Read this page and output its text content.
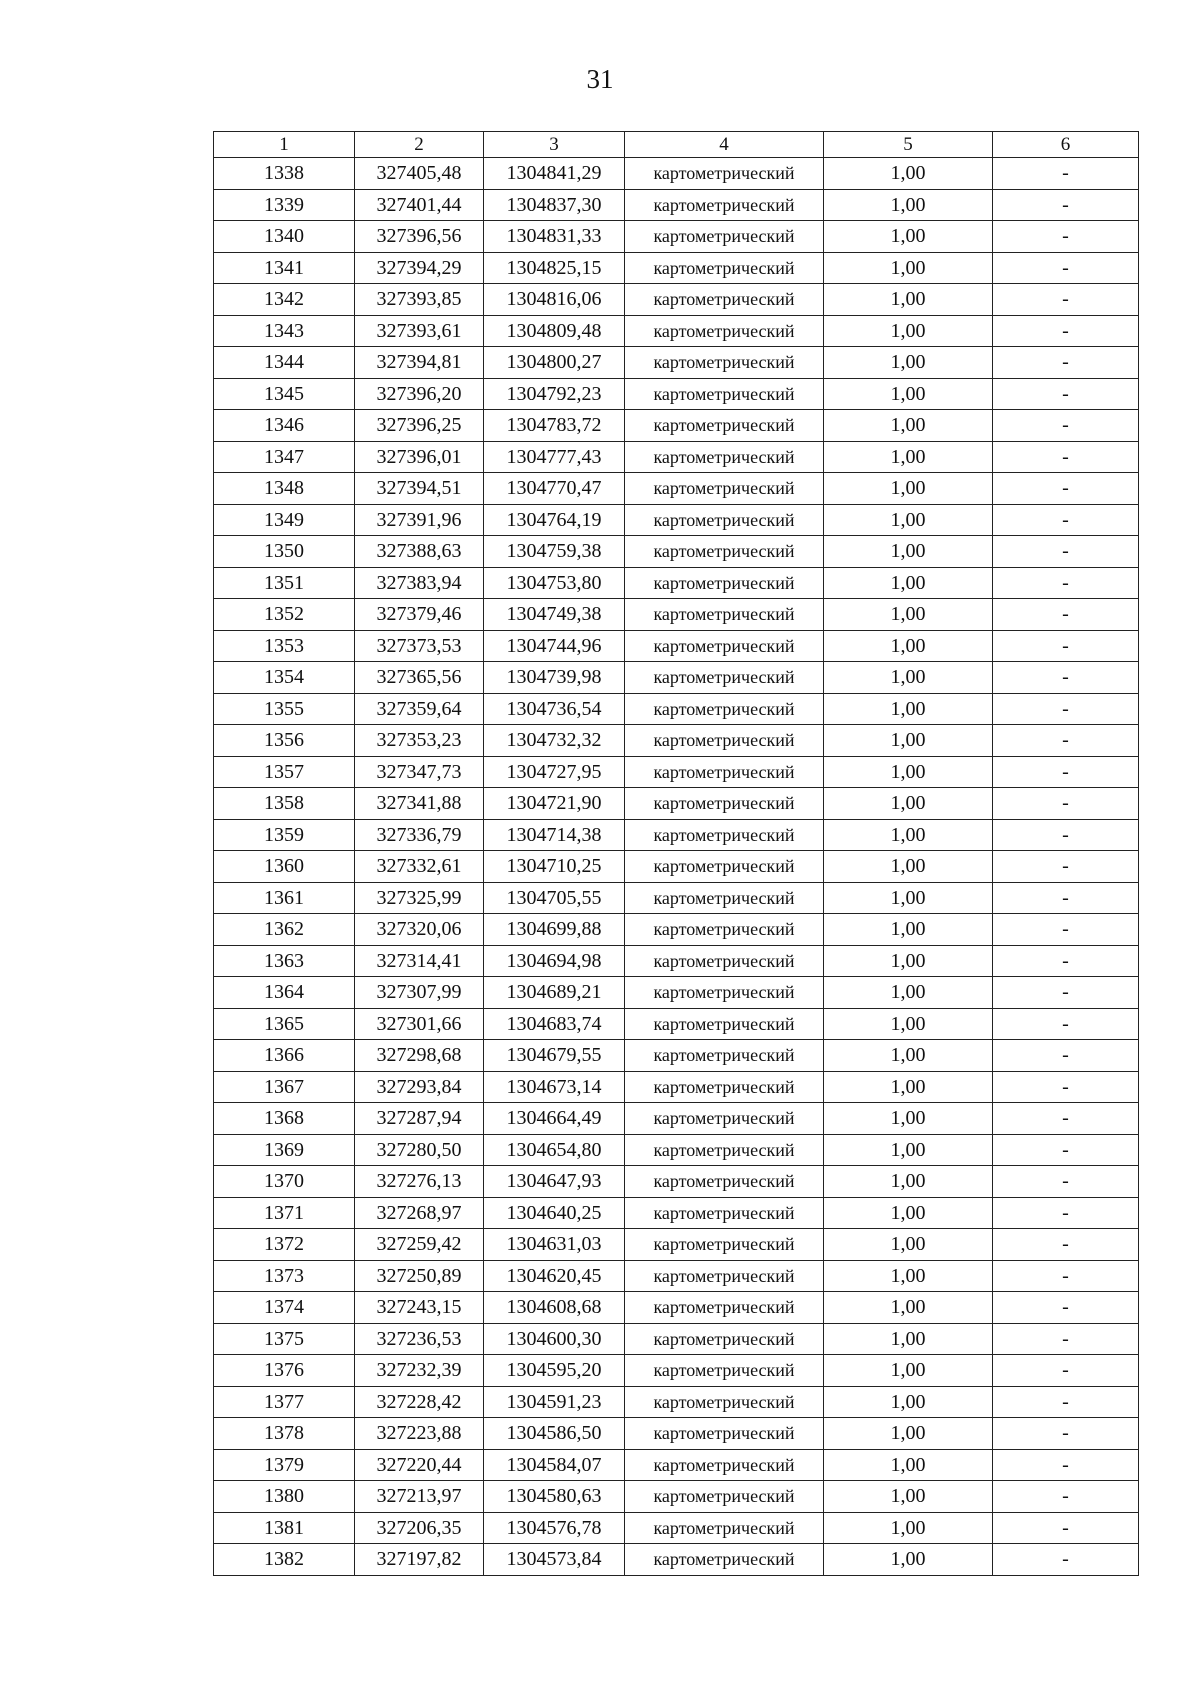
31
1	2	3	4	5	6
1338	327405,48	1304841,29	картометрический	1,00	-
1339	327401,44	1304837,30	картометрический	1,00	-
1340	327396,56	1304831,33	картометрический	1,00	-
1341	327394,29	1304825,15	картометрический	1,00	-
1342	327393,85	1304816,06	картометрический	1,00	-
1343	327393,61	1304809,48	картометрический	1,00	-
1344	327394,81	1304800,27	картометрический	1,00	-
1345	327396,20	1304792,23	картометрический	1,00	-
1346	327396,25	1304783,72	картометрический	1,00	-
1347	327396,01	1304777,43	картометрический	1,00	-
1348	327394,51	1304770,47	картометрический	1,00	-
1349	327391,96	1304764,19	картометрический	1,00	-
1350	327388,63	1304759,38	картометрический	1,00	-
1351	327383,94	1304753,80	картометрический	1,00	-
1352	327379,46	1304749,38	картометрический	1,00	-
1353	327373,53	1304744,96	картометрический	1,00	-
1354	327365,56	1304739,98	картометрический	1,00	-
1355	327359,64	1304736,54	картометрический	1,00	-
1356	327353,23	1304732,32	картометрический	1,00	-
1357	327347,73	1304727,95	картометрический	1,00	-
1358	327341,88	1304721,90	картометрический	1,00	-
1359	327336,79	1304714,38	картометрический	1,00	-
1360	327332,61	1304710,25	картометрический	1,00	-
1361	327325,99	1304705,55	картометрический	1,00	-
1362	327320,06	1304699,88	картометрический	1,00	-
1363	327314,41	1304694,98	картометрический	1,00	-
1364	327307,99	1304689,21	картометрический	1,00	-
1365	327301,66	1304683,74	картометрический	1,00	-
1366	327298,68	1304679,55	картометрический	1,00	-
1367	327293,84	1304673,14	картометрический	1,00	-
1368	327287,94	1304664,49	картометрический	1,00	-
1369	327280,50	1304654,80	картометрический	1,00	-
1370	327276,13	1304647,93	картометрический	1,00	-
1371	327268,97	1304640,25	картометрический	1,00	-
1372	327259,42	1304631,03	картометрический	1,00	-
1373	327250,89	1304620,45	картометрический	1,00	-
1374	327243,15	1304608,68	картометрический	1,00	-
1375	327236,53	1304600,30	картометрический	1,00	-
1376	327232,39	1304595,20	картометрический	1,00	-
1377	327228,42	1304591,23	картометрический	1,00	-
1378	327223,88	1304586,50	картометрический	1,00	-
1379	327220,44	1304584,07	картометрический	1,00	-
1380	327213,97	1304580,63	картометрический	1,00	-
1381	327206,35	1304576,78	картометрический	1,00	-
1382	327197,82	1304573,84	картометрический	1,00	-
